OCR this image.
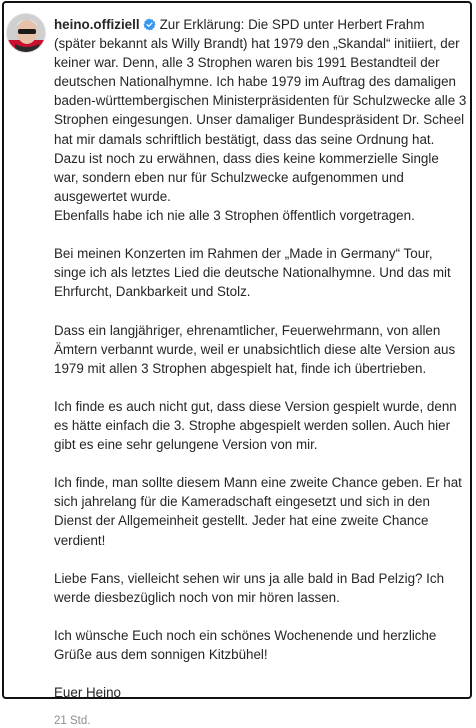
heino.offiziell Zur Erklärung: Die SPD unter Herbert Frahm (später bekannt als Willy Brandt) hat 1979 den „Skandal“ initiiert, der keiner war. Denn, alle 3 Strophen waren bis 1991 Bestandteil der deutschen Nationalhymne. Ich habe 1979 im Auftrag des damaligen baden-württembergischen Ministerpräsidenten für Schulzwecke alle 3 Strophen eingesungen. Unser damaliger Bundespräsident Dr. Scheel hat mir damals schriftlich bestätigt, dass das seine Ordnung hat. Dazu ist noch zu erwähnen, dass dies keine kommerzielle Single war, sondern eben nur für Schulzwecke aufgenommen und ausgewertet wurde.
Ebenfalls habe ich nie alle 3 Strophen öffentlich vorgetragen.

Bei meinen Konzerten im Rahmen der „Made in Germany“ Tour, singe ich als letztes Lied die deutsche Nationalhymne. Und das mit Ehrfurcht, Dankbarkeit und Stolz.

Dass ein langjähriger, ehrenamtlicher, Feuerwehrmann, von allen Ämtern verbannt wurde, weil er unabsichtlich diese alte Version aus 1979 mit allen 3 Strophen abgespielt hat, finde ich übertrieben.

Ich finde es auch nicht gut, dass diese Version gespielt wurde, denn es hätte einfach die 3. Strophe abgespielt werden sollen. Auch hier gibt es eine sehr gelungene Version von mir.

Ich finde, man sollte diesem Mann eine zweite Chance geben. Er hat sich jahrelang für die Kameradschaft eingesetzt und sich in den Dienst der Allgemeinheit gestellt. Jeder hat eine zweite Chance verdient!

Liebe Fans, vielleicht sehen wir uns ja alle bald in Bad Pelzig? Ich werde diesbezüglich noch von mir hören lassen.

Ich wünsche Euch noch ein schönes Wochenende und herzliche Grüße aus dem sonnigen Kitzbühel!

Euer Heino

21 Std.
